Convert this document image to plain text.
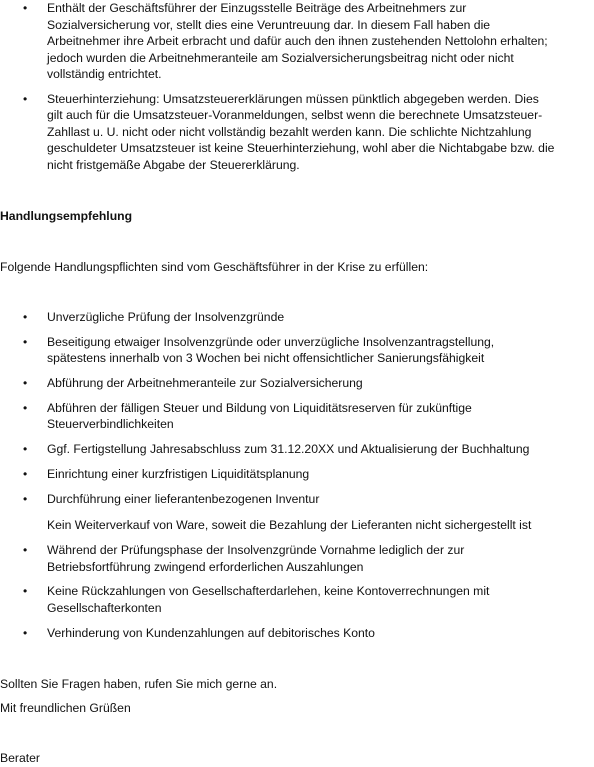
• Enthält der Geschäftsführer der Einzugsstelle Beiträge des Arbeitnehmers zur
Sozialversicherung vor, stellt dies eine Veruntreuung dar. In diesem Fall haben die
Arbeitnehmer ihre Arbeit erbracht und dafür auch den ihnen zustehenden Nettolohn erhalten;
jedoch wurden die Arbeitnehmeranteile am Sozialversicherungsbeitrag nicht oder nicht
vollständig entrichtet.
• Steuerhinterziehung: Umsatzsteuererklärungen müssen pünktlich abgegeben werden. Dies
gilt auch für die Umsatzsteuer-Voranmeldungen, selbst wenn die berechnete Umsatzsteuer-
Zahllast u. U. nicht oder nicht vollständig bezahlt werden kann. Die schlichte Nichtzahlung
geschuldeter Umsatzsteuer ist keine Steuerhinterziehung, wohl aber die Nichtabgabe bzw. die
nicht fristgemäße Abgabe der Steuererklärung.
Handlungsempfehlung
Folgende Handlungspflichten sind vom Geschäftsführer in der Krise zu erfüllen:
• Unverzügliche Prüfung der Insolvenzgründe
• Beseitigung etwaiger Insolvenzgründe oder unverzügliche Insolvenzantragstellung,
spätestens innerhalb von 3 Wochen bei nicht offensichtlicher Sanierungsfähigkeit
• Abführung der Arbeitnehmeranteile zur Sozialversicherung
• Abführen der fälligen Steuer und Bildung von Liquiditätsreserven für zukünftige
Steuerverbindlichkeiten
• Ggf. Fertigstellung Jahresabschluss zum 31.12.20XX und Aktualisierung der Buchhaltung
• Einrichtung einer kurzfristigen Liquiditätsplanung
• Durchführung einer lieferantenbezogenen Inventur
Kein Weiterverkauf von Ware, soweit die Bezahlung der Lieferanten nicht sichergestellt ist
• Während der Prüfungsphase der Insolvenzgründe Vornahme lediglich der zur
Betriebsfortführung zwingend erforderlichen Auszahlungen
• Keine Rückzahlungen von Gesellschafterdarlehen, keine Kontoverrechnungen mit
Gesellschafterkonten
• Verhinderung von Kundenzahlungen auf debitorisches Konto
Sollten Sie Fragen haben, rufen Sie mich gerne an.
Mit freundlichen Grüßen
Berater
